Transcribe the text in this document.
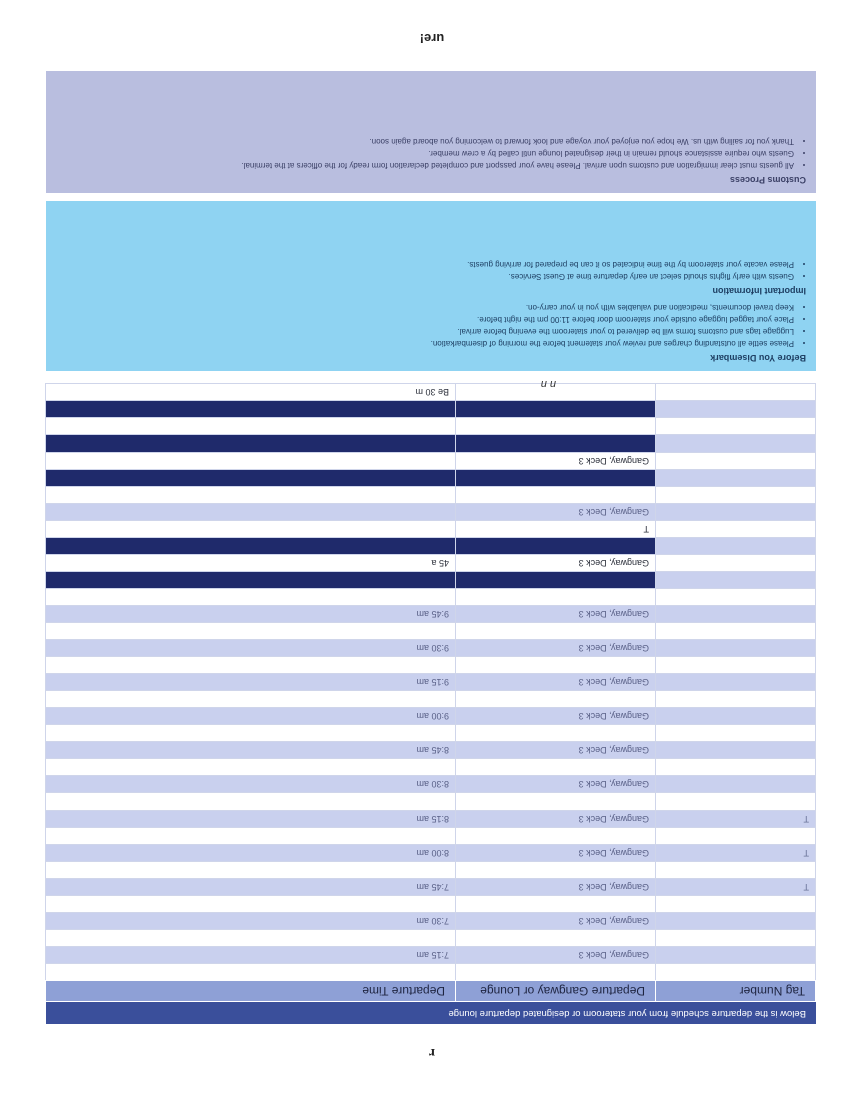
r
Below is the departure schedule from your stateroom or designated departure lounge
Tag Number	Departure Gangway or Lounge	Departure Time

	Gangway, Deck 3	7:15 am

	Gangway, Deck 3	7:30 am

T	Gangway, Deck 3	7:45 am

T	Gangway, Deck 3	8:00 am

T	Gangway, Deck 3	8:15 am

	Gangway, Deck 3	8:30 am

	Gangway, Deck 3	8:45 am

	Gangway, Deck 3	9:00 am

	Gangway, Deck 3	9:15 am

	Gangway, Deck 3	9:30 am

	Gangway, Deck 3	9:45 am

	Gangway, Deck 3	45 a

	T	
	Gangway, Deck 3	

	Gangway, Deck 3	

		Be 30 m
n n
Before You Disembark
• Please settle all outstanding charges and review your statement before the morning of disembarkation.
• Luggage tags and customs forms will be delivered to your stateroom the evening before arrival.
• Place your tagged luggage outside your stateroom door before 11:00 pm the night before.
• Keep travel documents, medication and valuables with you in your carry-on.
Important Information
• Guests with early flights should select an early departure time at Guest Services.
• Please vacate your stateroom by the time indicated so it can be prepared for arriving guests.
Customs Process
• All guests must clear immigration and customs upon arrival. Please have your passport and completed declaration form ready for the officers at the terminal.
• Guests who require assistance should remain in their designated lounge until called by a crew member.
• Thank you for sailing with us. We hope you enjoyed your voyage and look forward to welcoming you aboard again soon.
ure!
